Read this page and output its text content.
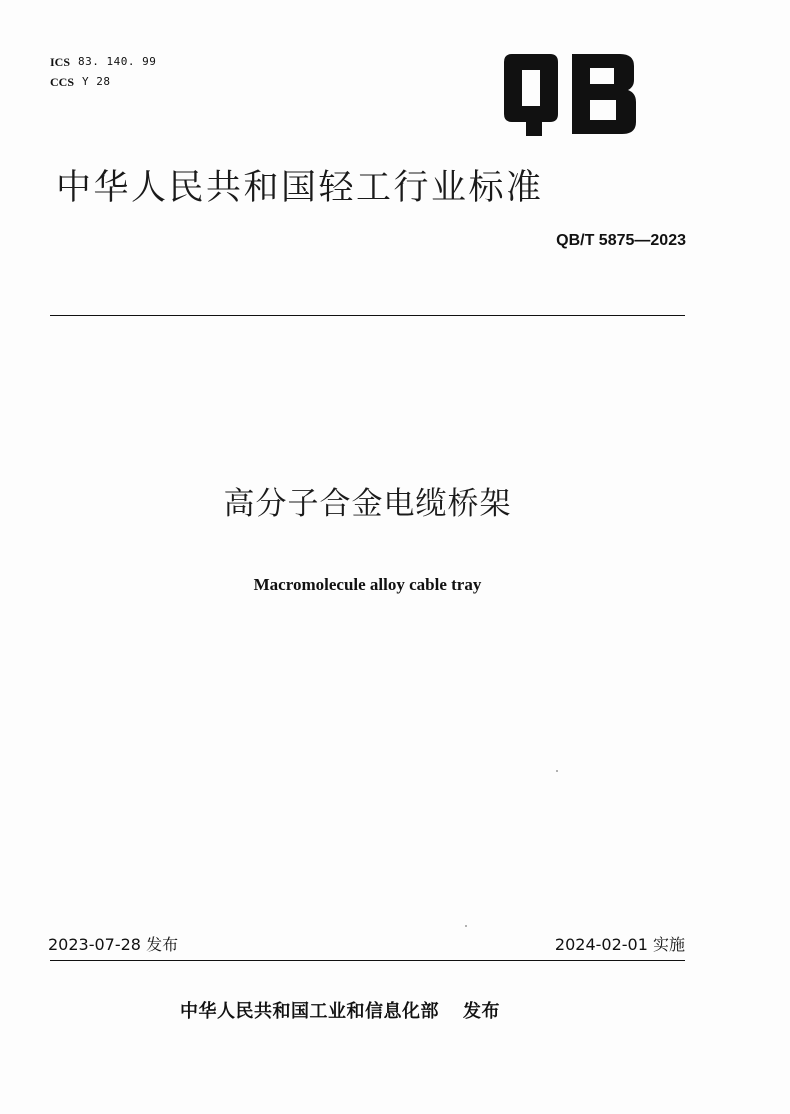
ICS 83. 140. 99
CCS Y 28
中华人民共和国轻工行业标准
QB/T 5875—2023
高分子合金电缆桥架
Macromolecule alloy cable tray
2023-07-28 发布	2024-02-01 实施
中华人民共和国工业和信息化部 发布
